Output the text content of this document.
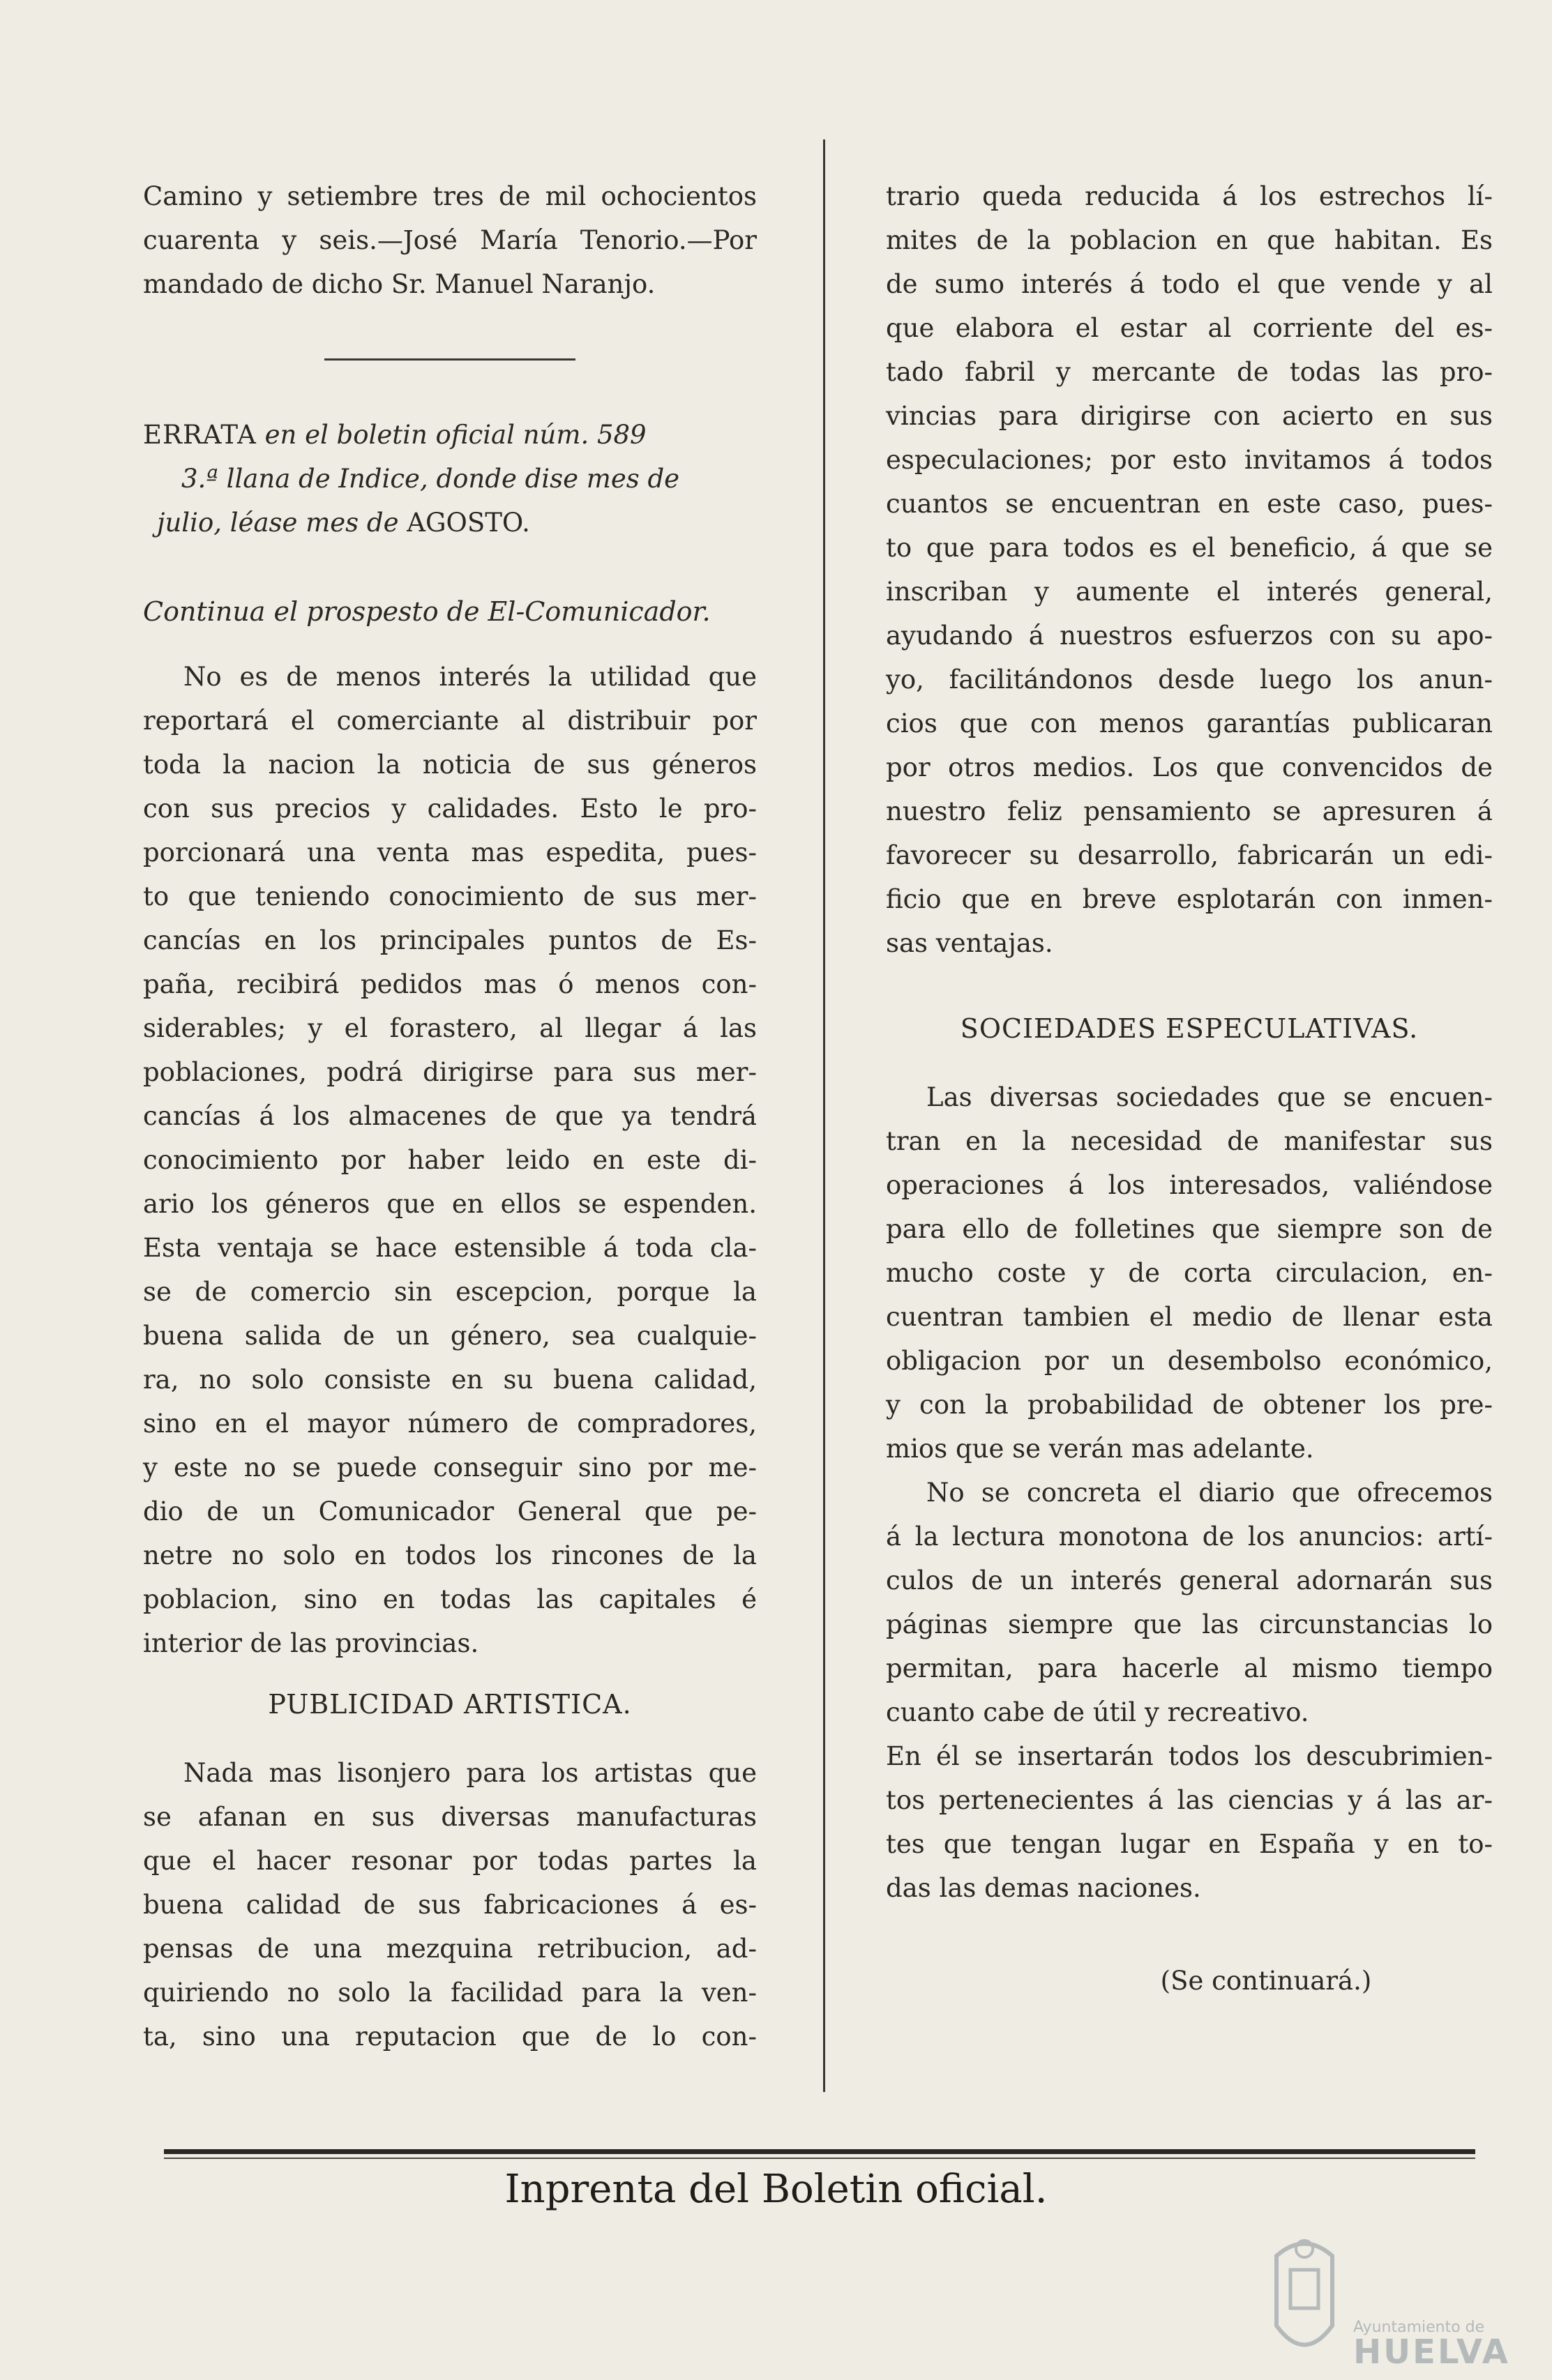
Camino y setiembre tres de mil ochocientos

cuarenta y seis.—José María Tenorio.—Por

mandado de dicho Sr. Manuel Naranjo.

ERRATA en el boletin oficial núm. 589

3.ª llana de Indice, donde dise mes de

julio, léase mes de AGOSTO.

Continua el prospesto de El-Comunicador.

No es de menos interés la utilidad que

reportará el comerciante al distribuir por

toda la nacion la noticia de sus géneros

con sus precios y calidades. Esto le pro-

porcionará una venta mas espedita, pues-

to que teniendo conocimiento de sus mer-

cancías en los principales puntos de Es-

paña, recibirá pedidos mas ó menos con-

siderables; y el forastero, al llegar á las

poblaciones, podrá dirigirse para sus mer-

cancías á los almacenes de que ya tendrá

conocimiento por haber leido en este di-

ario los géneros que en ellos se espenden.

Esta ventaja se hace estensible á toda cla-

se de comercio sin escepcion, porque la

buena salida de un género, sea cualquie-

ra, no solo consiste en su buena calidad,

sino en el mayor número de compradores,

y este no se puede conseguir sino por me-

dio de un Comunicador General que pe-

netre no solo en todos los rincones de la

poblacion, sino en todas las capitales é

interior de las provincias.

PUBLICIDAD ARTISTICA.

Nada mas lisonjero para los artistas que

se afanan en sus diversas manufacturas

que el hacer resonar por todas partes la

buena calidad de sus fabricaciones á es-

pensas de una mezquina retribucion, ad-

quiriendo no solo la facilidad para la ven-

ta, sino una reputacion que de lo con-

trario queda reducida á los estrechos lí-

mites de la poblacion en que habitan. Es

de sumo interés á todo el que vende y al

que elabora el estar al corriente del es-

tado fabril y mercante de todas las pro-

vincias para dirigirse con acierto en sus

especulaciones; por esto invitamos á todos

cuantos se encuentran en este caso, pues-

to que para todos es el beneficio, á que se

inscriban y aumente el interés general,

ayudando á nuestros esfuerzos con su apo-

yo, facilitándonos desde luego los anun-

cios que con menos garantías publicaran

por otros medios. Los que convencidos de

nuestro feliz pensamiento se apresuren á

favorecer su desarrollo, fabricarán un edi-

ficio que en breve esplotarán con inmen-

sas ventajas.

SOCIEDADES ESPECULATIVAS.

Las diversas sociedades que se encuen-

tran en la necesidad de manifestar sus

operaciones á los interesados, valiéndose

para ello de folletines que siempre son de

mucho coste y de corta circulacion, en-

cuentran tambien el medio de llenar esta

obligacion por un desembolso económico,

y con la probabilidad de obtener los pre-

mios que se verán mas adelante.

No se concreta el diario que ofrecemos

á la lectura monotona de los anuncios: artí-

culos de un interés general adornarán sus

páginas siempre que las circunstancias lo

permitan, para hacerle al mismo tiempo

cuanto cabe de útil y recreativo.

En él se insertarán todos los descubrimien-

tos pertenecientes á las ciencias y á las ar-

tes que tengan lugar en España y en to-

das las demas naciones.

(Se continuará.)

Inprenta del Boletin oficial.
Ayuntamiento de
HUELVA
